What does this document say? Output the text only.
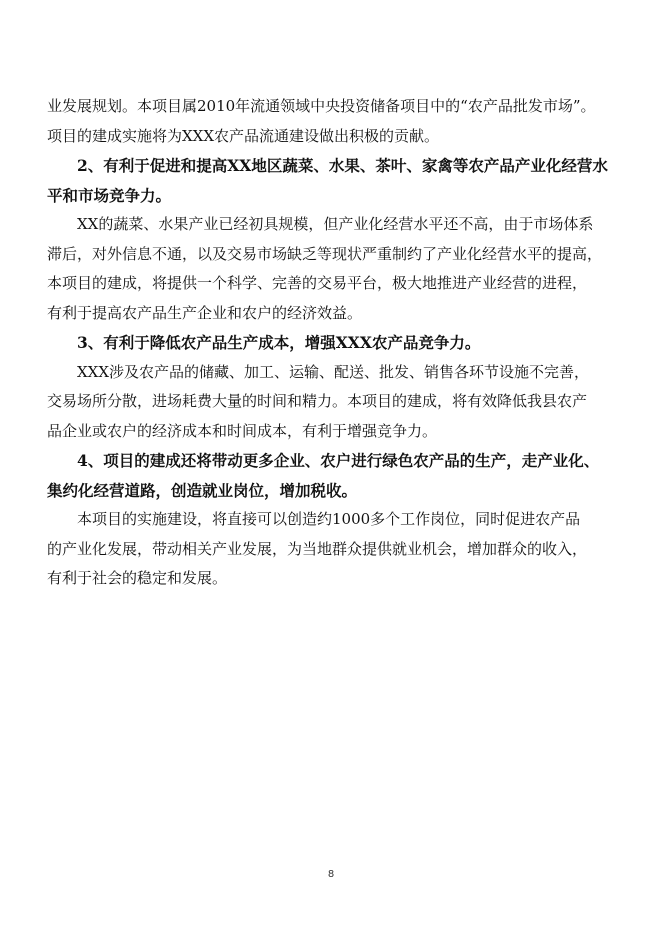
业发展规划。本项目属2010年流通领域中央投资储备项目中的“农产品批发市场”。
项目的建成实施将为XXX农产品流通建设做出积极的贡献。
2、有利于促进和提高XX地区蔬菜、水果、茶叶、家禽等农产品产业化经营水
平和市场竞争力。
XX的蔬菜、水果产业已经初具规模，但产业化经营水平还不高，由于市场体系
滞后，对外信息不通，以及交易市场缺乏等现状严重制约了产业化经营水平的提高，
本项目的建成，将提供一个科学、完善的交易平台，极大地推进产业经营的进程，
有利于提高农产品生产企业和农户的经济效益。
3、有利于降低农产品生产成本，增强XXX农产品竞争力。
XXX涉及农产品的储藏、加工、运输、配送、批发、销售各环节设施不完善，
交易场所分散，进场耗费大量的时间和精力。本项目的建成，将有效降低我县农产
品企业或农户的经济成本和时间成本，有利于增强竞争力。
4、项目的建成还将带动更多企业、农户进行绿色农产品的生产，走产业化、
集约化经营道路，创造就业岗位，增加税收。
本项目的实施建设，将直接可以创造约1000多个工作岗位，同时促进农产品
的产业化发展，带动相关产业发展，为当地群众提供就业机会，增加群众的收入，
有利于社会的稳定和发展。
8
